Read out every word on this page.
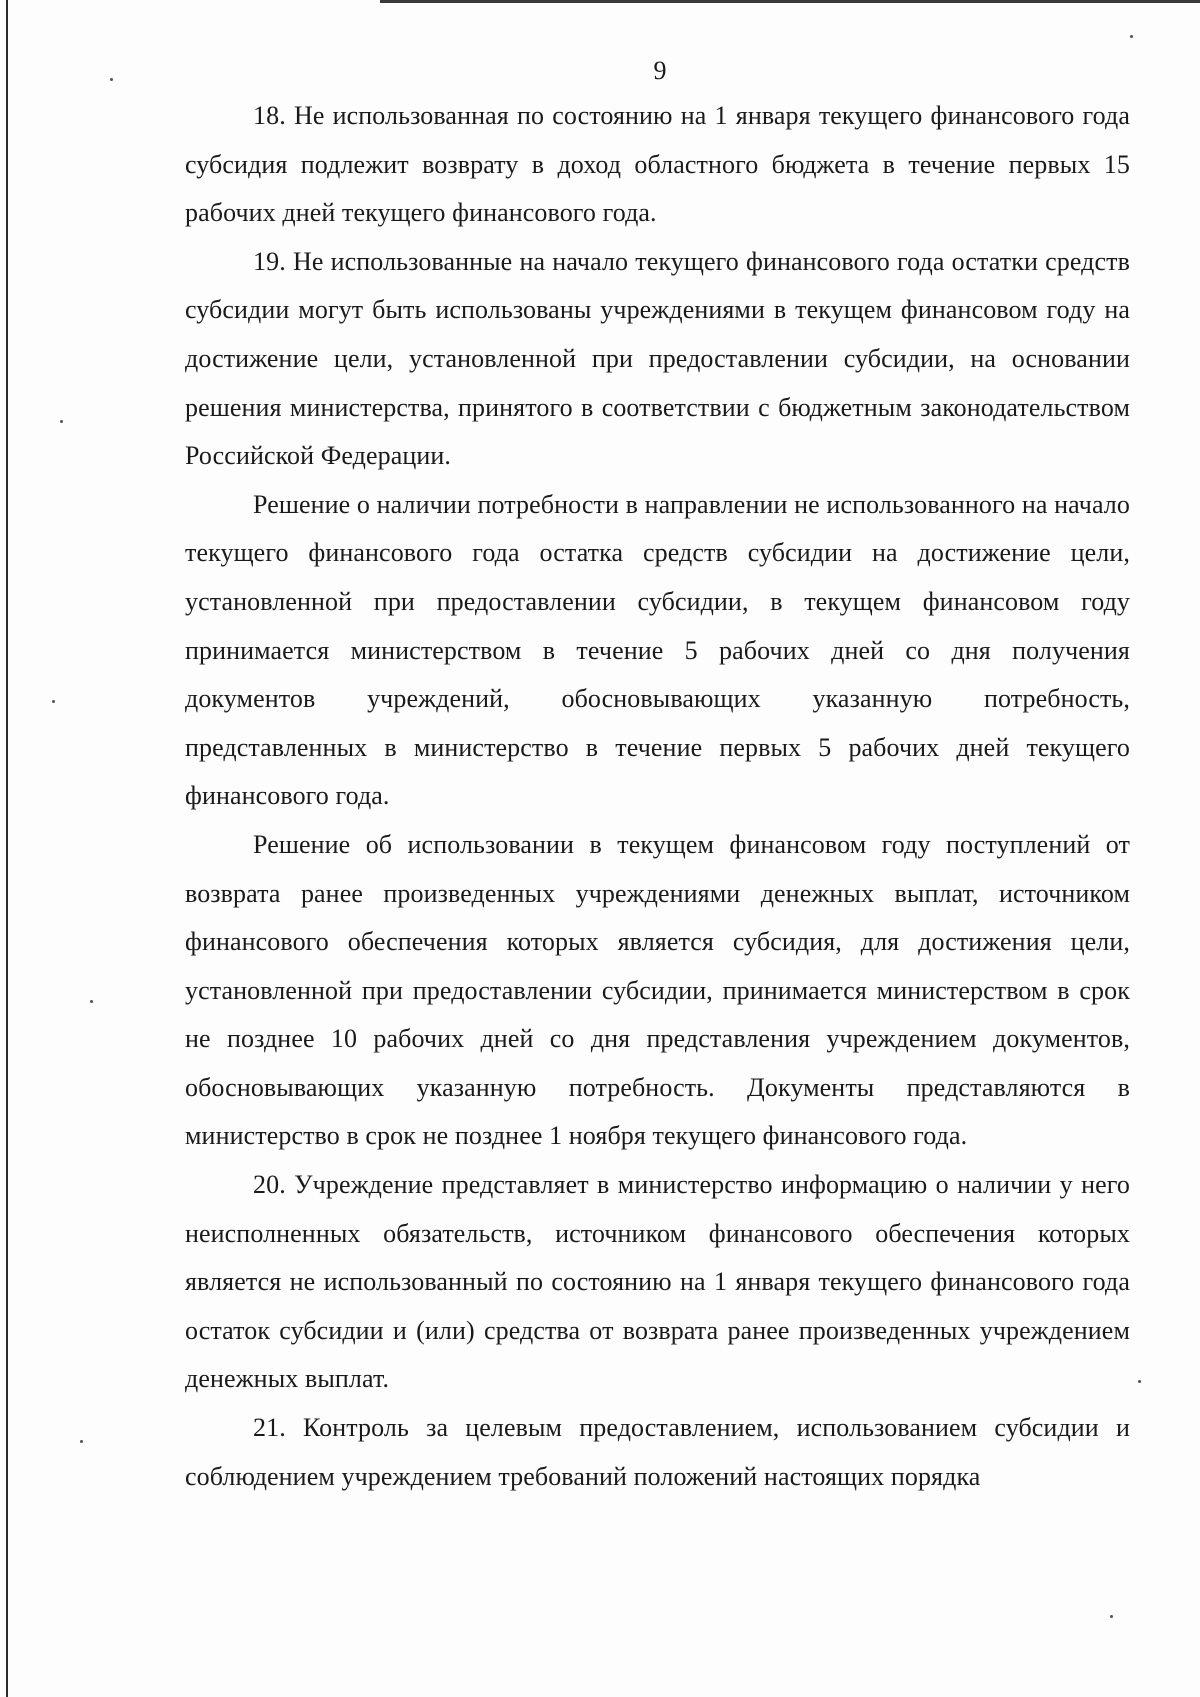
9

18. Не использованная по состоянию на 1 января текущего финансового года субсидия подлежит возврату в доход областного бюджета в течение первых 15 рабочих дней текущего финансового года.

19. Не использованные на начало текущего финансового года остатки средств субсидии могут быть использованы учреждениями в текущем финансовом году на достижение цели, установленной при предоставлении субсидии, на основании решения министерства, принятого в соответствии с бюджетным законодательством Российской Федерации.

Решение о наличии потребности в направлении не использованного на начало текущего финансового года остатка средств субсидии на достижение цели, установленной при предоставлении субсидии, в текущем финансовом году принимается министерством в течение 5 рабочих дней со дня получения документов учреждений, обосновывающих указанную потребность, представленных в министерство в течение первых 5 рабочих дней текущего финансового года.

Решение об использовании в текущем финансовом году поступлений от возврата ранее произведенных учреждениями денежных выплат, источником финансового обеспечения которых является субсидия, для достижения цели, установленной при предоставлении субсидии, принимается министерством в срок не позднее 10 рабочих дней со дня представления учреждением документов, обосновывающих указанную потребность. Документы представляются в министерство в срок не позднее 1 ноября текущего финансового года.

20. Учреждение представляет в министерство информацию о наличии у него неисполненных обязательств, источником финансового обеспечения которых является не использованный по состоянию на 1 января текущего финансового года остаток субсидии и (или) средства от возврата ранее произведенных учреждением денежных выплат.

21. Контроль за целевым предоставлением, использованием субсидии и соблюдением учреждением требований положений настоящих порядка
